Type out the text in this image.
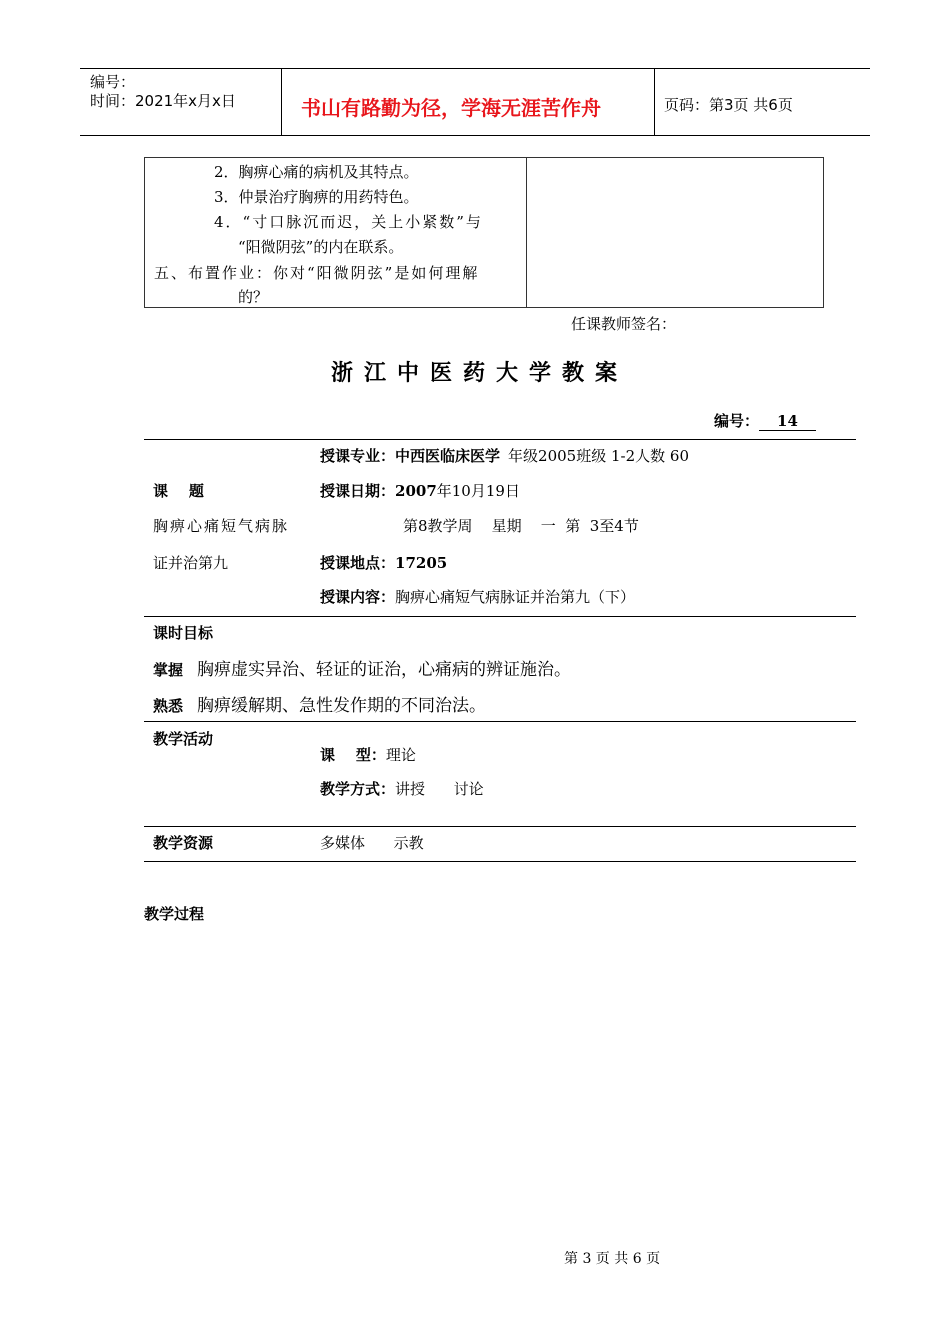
编号：
时间：2021年x月x日	书山有路勤为径，学海无涯苦作舟	页码：第3页 共6页
2．胸痹心痛的病机及其特点。
3．仲景治疗胸痹的用药特色。
4．“寸口脉沉而迟，关上小紧数”与
“阳微阴弦”的内在联系。
五、布置作业：你对“阳微阴弦”是如何理解
的？
任课教师签名：
浙江中医药大学教案
编号： 14
授课专业：中西医临床医学 年级2005班级 1-2人数 60
课    题	授课日期：2007年10月19日
胸痹心痛短气病脉	第8教学周    星期    一  第  3至4节
证并治第九	授课地点：17205
授课内容：胸痹心痛短气病脉证并治第九（下）
课时目标
掌握 胸痹虚实异治、轻证的证治，心痛病的辨证施治。
熟悉 胸痹缓解期、急性发作期的不同治法。
教学活动
课    型：理论
教学方式：讲授      讨论
教学资源	多媒体      示教
教学过程
第 3 页 共 6 页
